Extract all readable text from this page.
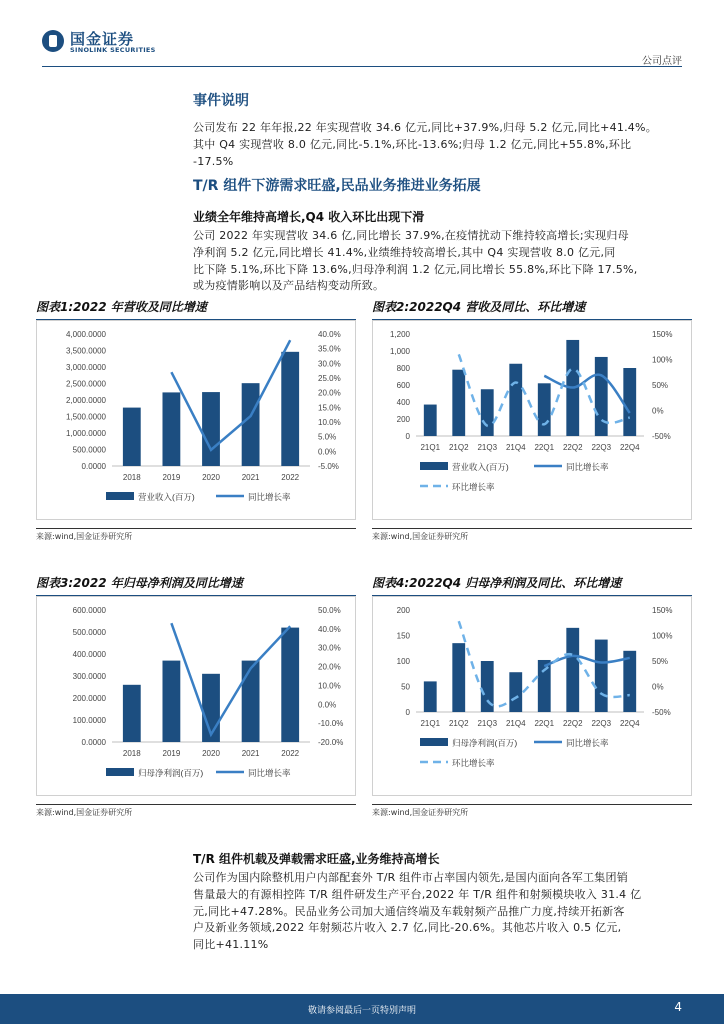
国金证券
SINOLINK SECURITIES
公司点评
事件说明
公司发布 22 年年报,22 年实现营收 34.6 亿元,同比+37.9%,归母 5.2 亿元,同比+41.4%。
其中 Q4 实现营收 8.0 亿元,同比-5.1%,环比-13.6%;归母 1.2 亿元,同比+55.8%,环比
-17.5%
T/R 组件下游需求旺盛,民品业务推进业务拓展
业绩全年维持高增长,Q4 收入环比出现下滑
公司 2022 年实现营收 34.6 亿,同比增长 37.9%,在疫情扰动下维持较高增长;实现归母
净利润 5.2 亿元,同比增长 41.4%,业绩维持较高增长,其中 Q4 实现营收 8.0 亿元,同
比下降 5.1%,环比下降 13.6%,归母净利润 1.2 亿元,同比增长 55.8%,环比下降 17.5%,
或为疫情影响以及产品结构变动所致。
图表1:2022 年营收及同比增速	图表2:2022Q4 营收及同比、环比增速
图表3:2022 年归母净利润及同比增速	图表4:2022Q4 归母净利润及同比、环比增速
4,000.0000
3,500.0000
3,000.0000
2,500.0000
2,000.0000
1,500.0000
1,000.0000
500.0000
0.0000
40.0%
35.0%
30.0%
25.0%
20.0%
15.0%
10.0%
5.0%
0.0%
-5.0%
2018	2019	2020	2021	2022
营业收入(百万)	同比增长率
1,200
1,000
800
600
400
200
0
150%
100%
50%
0%
-50%
21Q1 21Q2 21Q3 21Q4 22Q1 22Q2 22Q3 22Q4
营业收入(百万)	同比增长率
环比增长率
600.0000
500.0000
400.0000
300.0000
200.0000
100.0000
0.0000
50.0%
40.0%
30.0%
20.0%
10.0%
0.0%
-10.0%
-20.0%
2018	2019	2020	2021	2022
归母净利润(百万)	同比增长率
200
150
100
50
0
150%
100%
50%
0%
-50%
21Q1 21Q2 21Q3 21Q4 22Q1 22Q2 22Q3 22Q4
归母净利润(百万)	同比增长率
环比增长率
来源:wind,国金证券研究所	来源:wind,国金证券研究所
来源:wind,国金证券研究所	来源:wind,国金证券研究所
T/R 组件机载及弹载需求旺盛,业务维持高增长
公司作为国内除整机用户内部配套外 T/R 组件市占率国内领先,是国内面向各军工集团销
售量最大的有源相控阵 T/R 组件研发生产平台,2022 年 T/R 组件和射频模块收入 31.4 亿
元,同比+47.28%。民品业务公司加大通信终端及车载射频产品推广力度,持续开拓新客
户及新业务领域,2022 年射频芯片收入 2.7 亿,同比-20.6%。其他芯片收入 0.5 亿元,
同比+41.11%
敬请参阅最后一页特别声明	4
